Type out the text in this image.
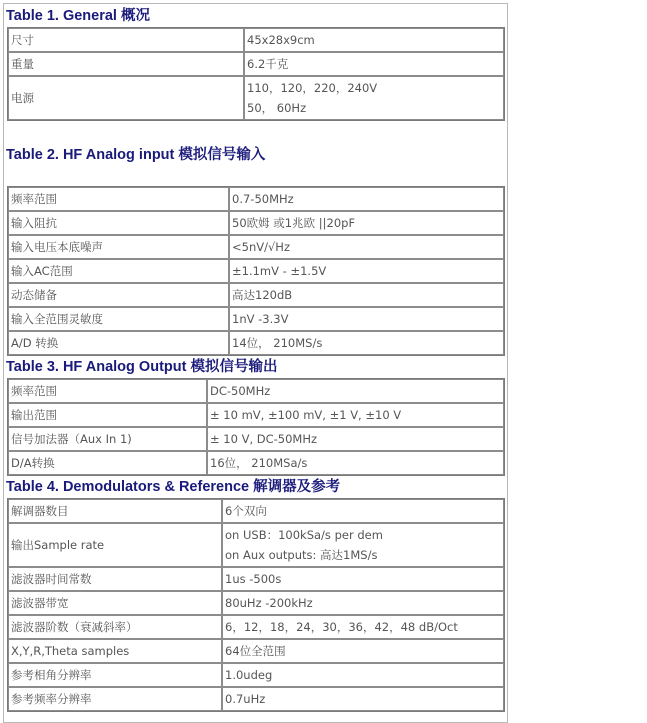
Table 1. General 概况
尺寸	45x28x9cm
重量	6.2千克
电源	110，120，220，240V
50， 60Hz
Table 2. HF Analog input 模拟信号输入
频率范围	0.7-50MHz
输入阻抗	50欧姆 或1兆欧 ||20pF
输入电压本底噪声	<5nV/√Hz
输入AC范围	±1.1mV - ±1.5V
动态储备	高达120dB
输入全范围灵敏度	1nV -3.3V
A/D 转换	14位， 210MS/s
Table 3. HF Analog Output 模拟信号输出
频率范围	DC-50MHz
输出范围	± 10 mV, ±100 mV, ±1 V, ±10 V
信号加法器（Aux In 1)	± 10 V, DC-50MHz
D/A转换	16位， 210MSa/s
Table 4. Demodulators & Reference 解调器及参考
解调器数目	6个双向
输出Sample rate	on USB：100kSa/s per dem
on Aux outputs: 高达1MS/s

滤波器时间常数	1us -500s
滤波器带宽	80uHz -200kHz
滤波器阶数（衰减斜率）	6，12，18，24，30，36，42，48 dB/Oct
X,Y,R,Theta samples	64位全范围
参考相角分辨率	1.0udeg
参考频率分辨率	0.7uHz
